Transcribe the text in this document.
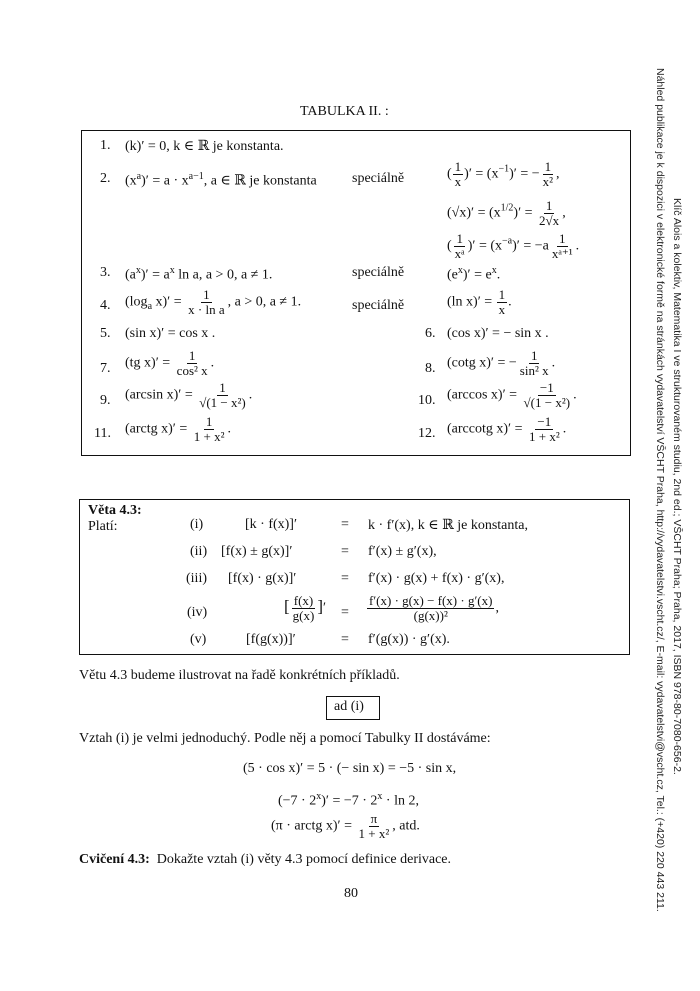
TABULKA II. :
1. (k)′ = 0, k ∈ ℝ je konstanta.
2. $(x^a)' = a \cdot x^{a-1}$, a ∈ ℝ je konstanta	speciálně	( $\frac{1}{x}$ )′ = $(x^{-1})'$ = − $\frac{1}{\text{x²}}$ ,
$(√x)' = (x^{1/2})' = \frac{1}{2√x}$ ,
( $\frac{1}{\text{xᵃ}}$ )′ = $(x^{-a})' = -a \frac{1}{\text{xᵃ⁺¹}}$ .
3. $(a^x)' = a^x$ ln a, a > 0, a ≠ 1.	speciálně	$(e^x)' = e^x$.
4. ($\log_a$ $x)' = \frac{1}{\text{x · ln a}}$ , a > 0, a ≠ 1.	speciálně	(ln $x)' = \frac{1}{x}$ .
5. (sin x)′ = cos x .	6. (cos x)′ = − sin x .
7. (tg $x)' = \frac{1}{\text{cos² x}}$ .	8. (cotg x)′ = − $\frac{1}{\text{sin² x}}$ .
9. (arcsin $x)' = \frac{1}{\text{√(1 − x²)}}$ .	10. (arccos $x)' = \frac{-1}{\text{√(1 − x²)}}$ .
11. (arctg $x)' = \frac{1}{\text{1 + x²}}$ .	12. (arccotg $x)' = \frac{-1}{\text{1 + x²}}$ .
Věta 4.3:
Platí:	(i)	[k · f(x)]′	= k · f′(x), k ∈ ℝ je konstanta,
(ii) [f(x) ± g(x)]′	= f′(x) ± g′(x),
(iii) [f(x) · g(x)]′	= f′(x) · g(x) + f(x) · g′(x),
(iv)	[ $\frac{f(x)}{g(x)}$ ]′ = $\frac{f'(x) \cdot g(x) - f(x) \cdot g'(x)}{\text{(g(x))²}}$ ,
(v)	[f(g(x))]′	= f′(g(x)) · g′(x).
Větu 4.3 budeme ilustrovat na řadě konkrétních příkladů.
ad (i)
Vztah (i) je velmi jednoduchý. Podle něj a pomocí Tabulky II dostáváme:
(5 · cos x)′ = 5 · (− sin x) = −5 · sin x,
$(-7 \cdot 2^x)' = -7 \cdot 2^x \cdot \ln 2$,
(π · arctg $x)' = \frac{\pi}{\text{1 + x²}}$ , atd.
Cvičení 4.3: Dokažte vztah (i) věty 4.3 pomocí definice derivace.
80
Klíč Alois a kolektiv, Matematika I ve strukturovaném studiu, 2nd ed.; VŠCHT Praha; Praha, 2017, ISBN 978-80-7080-656-2.
Náhled publikace je k dispozici v elektronické formě na stránkách vydavatelství VŠCHT Praha, http://vydavatelstvi.vscht.cz/, E-mail: vydavatelstvi@vscht.cz, Tel.: (+420) 220 443 211.
